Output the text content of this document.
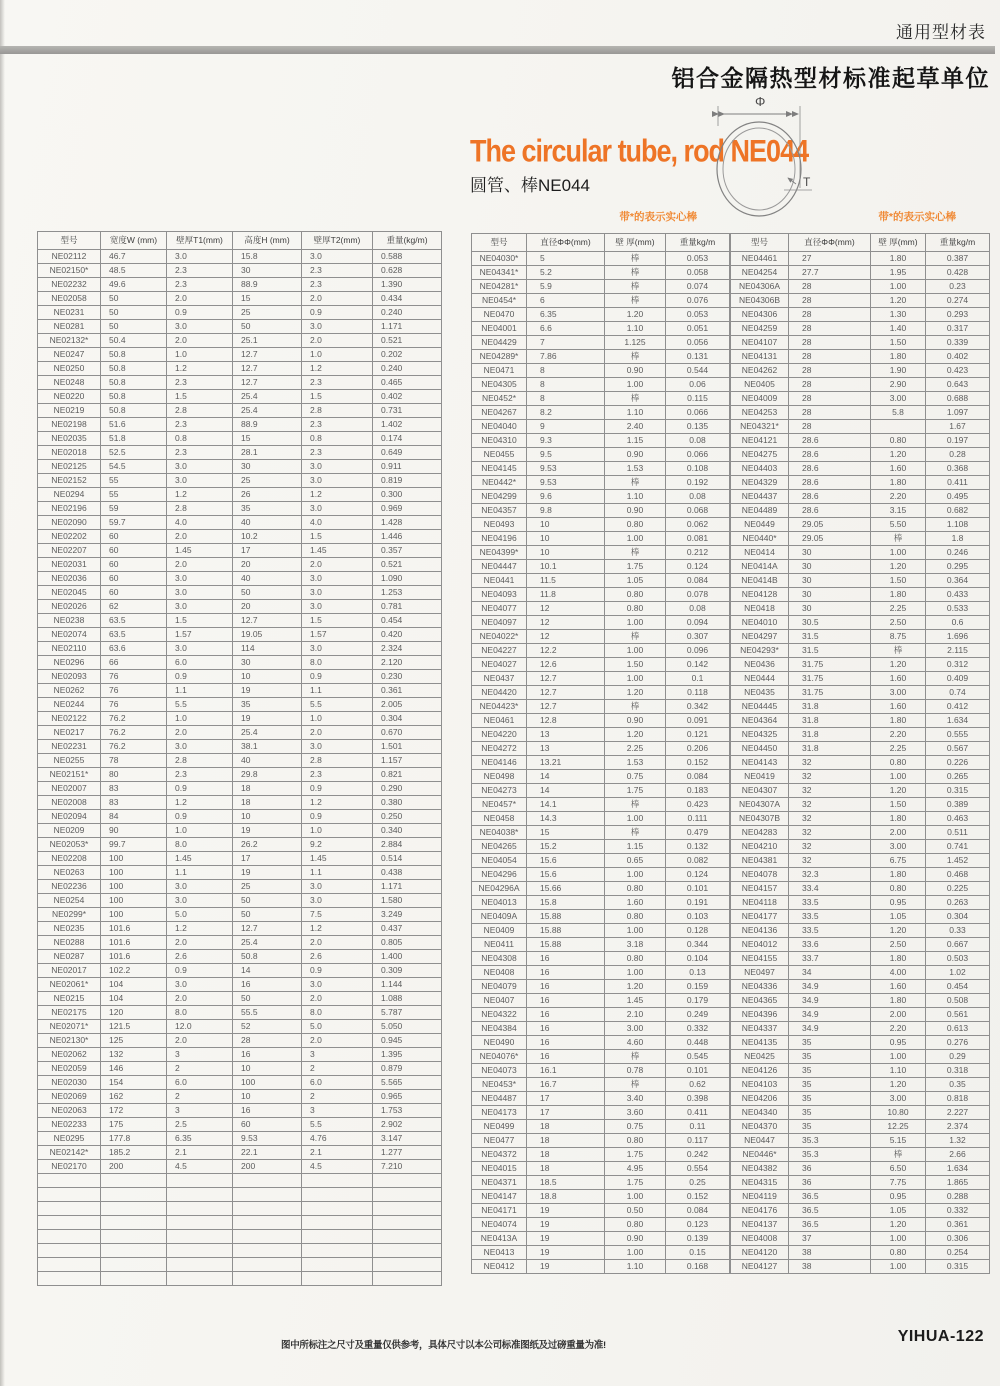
通用型材表
铝合金隔热型材标准起草单位
The circular tube, rod NE044
圆管、棒NE044
Φ
T
带*的表示实心棒	带*的表示实心棒
型号	宽度W (mm)	壁厚T1(mm)	高度H (mm)	壁厚T2(mm)	重量(kg/m)
NE02112	46.7	3.0	15.8	3.0	0.588
NE02150*	48.5	2.3	30	2.3	0.628
NE02232	49.6	2.3	88.9	2.3	1.390
NE02058	50	2.0	15	2.0	0.434
NE0231	50	0.9	25	0.9	0.240
NE0281	50	3.0	50	3.0	1.171
NE02132*	50.4	2.0	25.1	2.0	0.521
NE0247	50.8	1.0	12.7	1.0	0.202
NE0250	50.8	1.2	12.7	1.2	0.240
NE0248	50.8	2.3	12.7	2.3	0.465
NE0220	50.8	1.5	25.4	1.5	0.402
NE0219	50.8	2.8	25.4	2.8	0.731
NE02198	51.6	2.3	88.9	2.3	1.402
NE02035	51.8	0.8	15	0.8	0.174
NE02018	52.5	2.3	28.1	2.3	0.649
NE02125	54.5	3.0	30	3.0	0.911
NE02152	55	3.0	25	3.0	0.819
NE0294	55	1.2	26	1.2	0.300
NE02196	59	2.8	35	3.0	0.969
NE02090	59.7	4.0	40	4.0	1.428
NE02202	60	2.0	10.2	1.5	1.446
NE02207	60	1.45	17	1.45	0.357
NE02031	60	2.0	20	2.0	0.521
NE02036	60	3.0	40	3.0	1.090
NE02045	60	3.0	50	3.0	1.253
NE02026	62	3.0	20	3.0	0.781
NE0238	63.5	1.5	12.7	1.5	0.454
NE02074	63.5	1.57	19.05	1.57	0.420
NE02110	63.6	3.0	114	3.0	2.324
NE0296	66	6.0	30	8.0	2.120
NE02093	76	0.9	10	0.9	0.230
NE0262	76	1.1	19	1.1	0.361
NE0244	76	5.5	35	5.5	2.005
NE02122	76.2	1.0	19	1.0	0.304
NE0217	76.2	2.0	25.4	2.0	0.670
NE02231	76.2	3.0	38.1	3.0	1.501
NE0255	78	2.8	40	2.8	1.157
NE02151*	80	2.3	29.8	2.3	0.821
NE02007	83	0.9	18	0.9	0.290
NE02008	83	1.2	18	1.2	0.380
NE02094	84	0.9	10	0.9	0.250
NE0209	90	1.0	19	1.0	0.340
NE02053*	99.7	8.0	26.2	9.2	2.884
NE02208	100	1.45	17	1.45	0.514
NE0263	100	1.1	19	1.1	0.438
NE02236	100	3.0	25	3.0	1.171
NE0254	100	3.0	50	3.0	1.580
NE0299*	100	5.0	50	7.5	3.249
NE0235	101.6	1.2	12.7	1.2	0.437
NE0288	101.6	2.0	25.4	2.0	0.805
NE0287	101.6	2.6	50.8	2.6	1.400
NE02017	102.2	0.9	14	0.9	0.309
NE02061*	104	3.0	16	3.0	1.144
NE0215	104	2.0	50	2.0	1.088
NE02175	120	8.0	55.5	8.0	5.787
NE02071*	121.5	12.0	52	5.0	5.050
NE02130*	125	2.0	28	2.0	0.945
NE02062	132	3	16	3	1.395
NE02059	146	2	10	2	0.879
NE02030	154	6.0	100	6.0	5.565
NE02069	162	2	10	2	0.965
NE02063	172	3	16	3	1.753
NE02233	175	2.5	60	5.5	2.902
NE0295	177.8	6.35	9.53	4.76	3.147
NE02142*	185.2	2.1	22.1	2.1	1.277
NE02170	200	4.5	200	4.5	7.210

型号	直径ΦΦ(mm)	壁 厚(mm)	重量kg/m
NE04030*	5	棒	0.053
NE04341*	5.2	棒	0.058
NE04281*	5.9	棒	0.074
NE0454*	6	棒	0.076
NE0470	6.35	1.20	0.053
NE04001	6.6	1.10	0.051
NE04429	7	1.125	0.056
NE04289*	7.86	棒	0.131
NE0471	8	0.90	0.544
NE04305	8	1.00	0.06
NE0452*	8	棒	0.115
NE04267	8.2	1.10	0.066
NE04040	9	2.40	0.135
NE04310	9.3	1.15	0.08
NE0455	9.5	0.90	0.066
NE04145	9.53	1.53	0.108
NE0442*	9.53	棒	0.192
NE04299	9.6	1.10	0.08
NE04357	9.8	0.90	0.068
NE0493	10	0.80	0.062
NE04196	10	1.00	0.081
NE04399*	10	棒	0.212
NE04447	10.1	1.75	0.124
NE0441	11.5	1.05	0.084
NE04093	11.8	0.80	0.078
NE04077	12	0.80	0.08
NE04097	12	1.00	0.094
NE04022*	12	棒	0.307
NE04227	12.2	1.00	0.096
NE04027	12.6	1.50	0.142
NE0437	12.7	1.00	0.1
NE04420	12.7	1.20	0.118
NE04423*	12.7	棒	0.342
NE0461	12.8	0.90	0.091
NE04220	13	1.20	0.121
NE04272	13	2.25	0.206
NE04146	13.21	1.53	0.152
NE0498	14	0.75	0.084
NE04273	14	1.75	0.183
NE0457*	14.1	棒	0.423
NE0458	14.3	1.00	0.111
NE04038*	15	棒	0.479
NE04265	15.2	1.15	0.132
NE04054	15.6	0.65	0.082
NE04296	15.6	1.00	0.124
NE04296A	15.66	0.80	0.101
NE04013	15.8	1.60	0.191
NE0409A	15.88	0.80	0.103
NE0409	15.88	1.00	0.128
NE0411	15.88	3.18	0.344
NE04308	16	0.80	0.104
NE0408	16	1.00	0.13
NE04079	16	1.20	0.159
NE0407	16	1.45	0.179
NE04322	16	2.10	0.249
NE04384	16	3.00	0.332
NE0490	16	4.60	0.448
NE04076*	16	棒	0.545
NE04073	16.1	0.78	0.101
NE0453*	16.7	棒	0.62
NE04487	17	3.40	0.398
NE04173	17	3.60	0.411
NE0499	18	0.75	0.11
NE0477	18	0.80	0.117
NE04372	18	1.75	0.242
NE04015	18	4.95	0.554
NE04371	18.5	1.75	0.25
NE04147	18.8	1.00	0.152
NE04171	19	0.50	0.084
NE04074	19	0.80	0.123
NE0413A	19	0.90	0.139
NE0413	19	1.00	0.15
NE0412	19	1.10	0.168
型号	直径ΦΦ(mm)	壁 厚(mm)	重量kg/m
NE04461	27	1.80	0.387
NE04254	27.7	1.95	0.428
NE04306A	28	1.00	0.23
NE04306B	28	1.20	0.274
NE04306	28	1.30	0.293
NE04259	28	1.40	0.317
NE04107	28	1.50	0.339
NE04131	28	1.80	0.402
NE04262	28	1.90	0.423
NE0405	28	2.90	0.643
NE04009	28	3.00	0.688
NE04253	28	5.8	1.097
NE04321*	28		1.67
NE04121	28.6	0.80	0.197
NE04275	28.6	1.20	0.28
NE04403	28.6	1.60	0.368
NE04329	28.6	1.80	0.411
NE04437	28.6	2.20	0.495
NE04489	28.6	3.15	0.682
NE0449	29.05	5.50	1.108
NE0440*	29.05	棒	1.8
NE0414	30	1.00	0.246
NE0414A	30	1.20	0.295
NE0414B	30	1.50	0.364
NE04128	30	1.80	0.433
NE0418	30	2.25	0.533
NE04010	30.5	2.50	0.6
NE04297	31.5	8.75	1.696
NE04293*	31.5	棒	2.115
NE0436	31.75	1.20	0.312
NE0444	31.75	1.60	0.409
NE0435	31.75	3.00	0.74
NE04445	31.8	1.60	0.412
NE04364	31.8	1.80	1.634
NE04325	31.8	2.20	0.555
NE04450	31.8	2.25	0.567
NE04143	32	0.80	0.226
NE0419	32	1.00	0.265
NE04307	32	1.20	0.315
NE04307A	32	1.50	0.389
NE04307B	32	1.80	0.463
NE04283	32	2.00	0.511
NE04210	32	3.00	0.741
NE04381	32	6.75	1.452
NE04078	32.3	1.80	0.468
NE04157	33.4	0.80	0.225
NE04118	33.5	0.95	0.263
NE04177	33.5	1.05	0.304
NE04136	33.5	1.20	0.33
NE04012	33.6	2.50	0.667
NE04155	33.7	1.80	0.503
NE0497	34	4.00	1.02
NE04336	34.9	1.60	0.454
NE04365	34.9	1.80	0.508
NE04396	34.9	2.00	0.561
NE04337	34.9	2.20	0.613
NE04135	35	0.95	0.276
NE0425	35	1.00	0.29
NE04126	35	1.10	0.318
NE04103	35	1.20	0.35
NE04206	35	3.00	0.818
NE04340	35	10.80	2.227
NE04370	35	12.25	2.374
NE0447	35.3	5.15	1.32
NE0446*	35.3	棒	2.66
NE04382	36	6.50	1.634
NE04315	36	7.75	1.865
NE04119	36.5	0.95	0.288
NE04176	36.5	1.05	0.332
NE04137	36.5	1.20	0.361
NE04008	37	1.00	0.306
NE04120	38	0.80	0.254
NE04127	38	1.00	0.315
图中所标注之尺寸及重量仅供参考，具体尺寸以本公司标准图纸及过磅重量为准!
YIHUA-122
